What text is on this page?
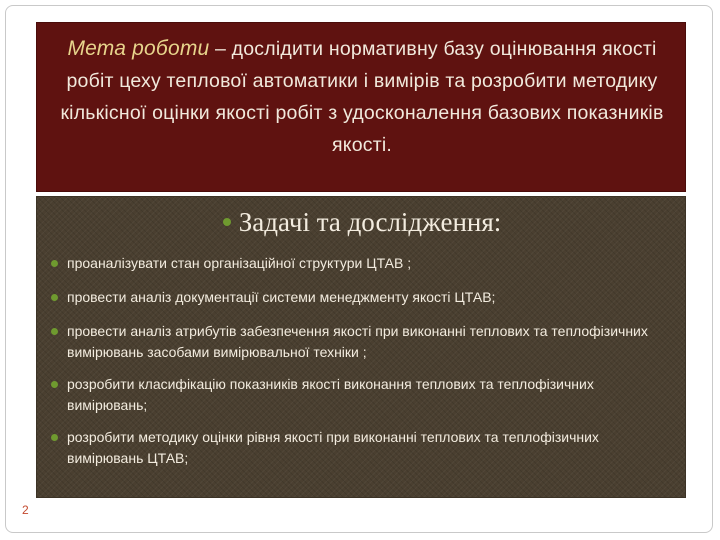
Мета роботи – дослідити нормативну базу оцінювання якості робіт цеху теплової автоматики і вимірів та розробити методику кількісної оцінки якості робіт з удосконалення базових показників якості.

Задачі та дослідження:

проаналізувати стан організаційної структури ЦТАВ ;
провести аналіз документації системи менеджменту якості ЦТАВ;
провести аналіз атрибутів забезпечення якості при виконанні теплових та теплофізичних вимірювань засобами вимірювальної техніки ;
розробити класифікацію показників якості виконання теплових та теплофізичних вимірювань;
розробити методику оцінки рівня якості при виконанні теплових та теплофізичних вимірювань ЦТАВ;
2
